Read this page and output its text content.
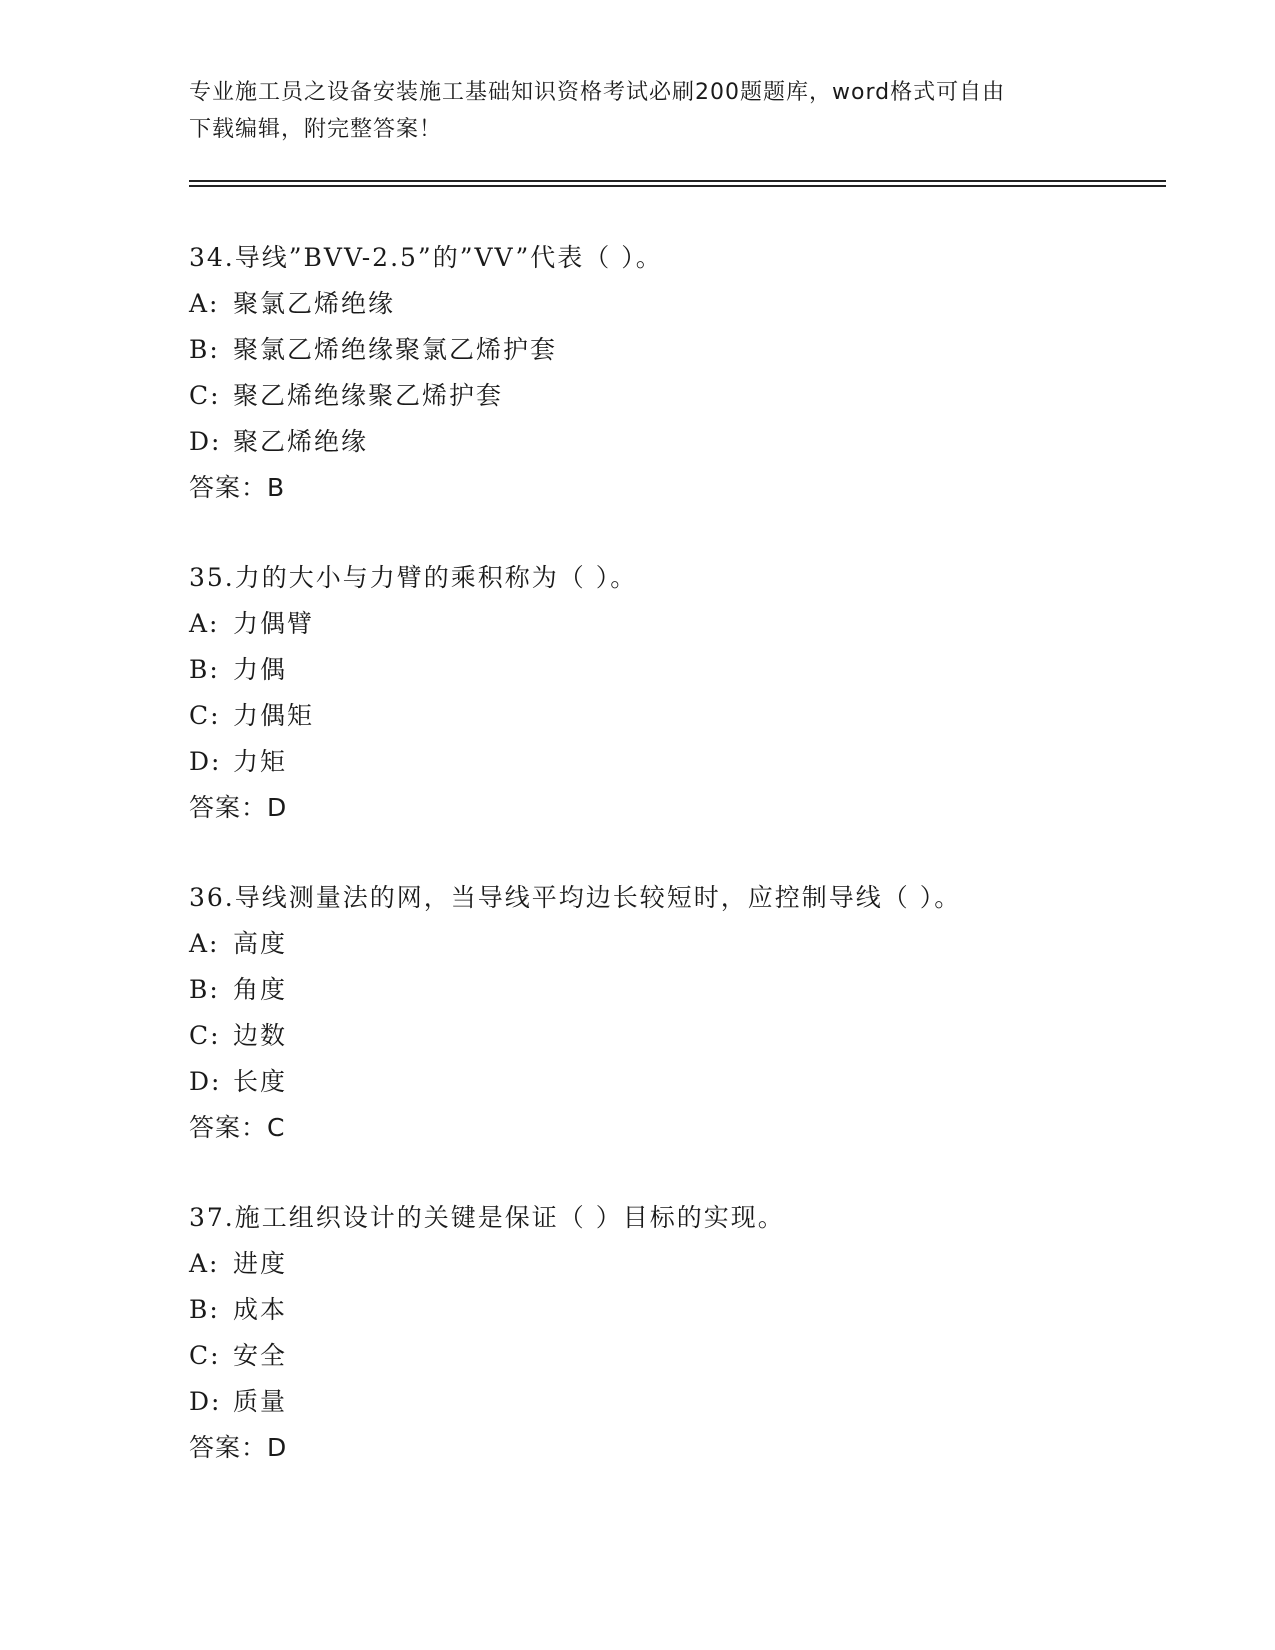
专业施工员之设备安装施工基础知识资格考试必刷200题题库，word格式可自由
下载编辑，附完整答案！
34.导线”BVV-2.5”的”VV”代表（ ）。
A: 聚氯乙烯绝缘
B: 聚氯乙烯绝缘聚氯乙烯护套
C: 聚乙烯绝缘聚乙烯护套
D: 聚乙烯绝缘
答案：B
35.力的大小与力臂的乘积称为（ ）。
A: 力偶臂
B: 力偶
C: 力偶矩
D: 力矩
答案：D
36.导线测量法的网，当导线平均边长较短时，应控制导线（ ）。
A: 高度
B: 角度
C: 边数
D: 长度
答案：C
37.施工组织设计的关键是保证（ ）目标的实现。
A: 进度
B: 成本
C: 安全
D: 质量
答案：D
